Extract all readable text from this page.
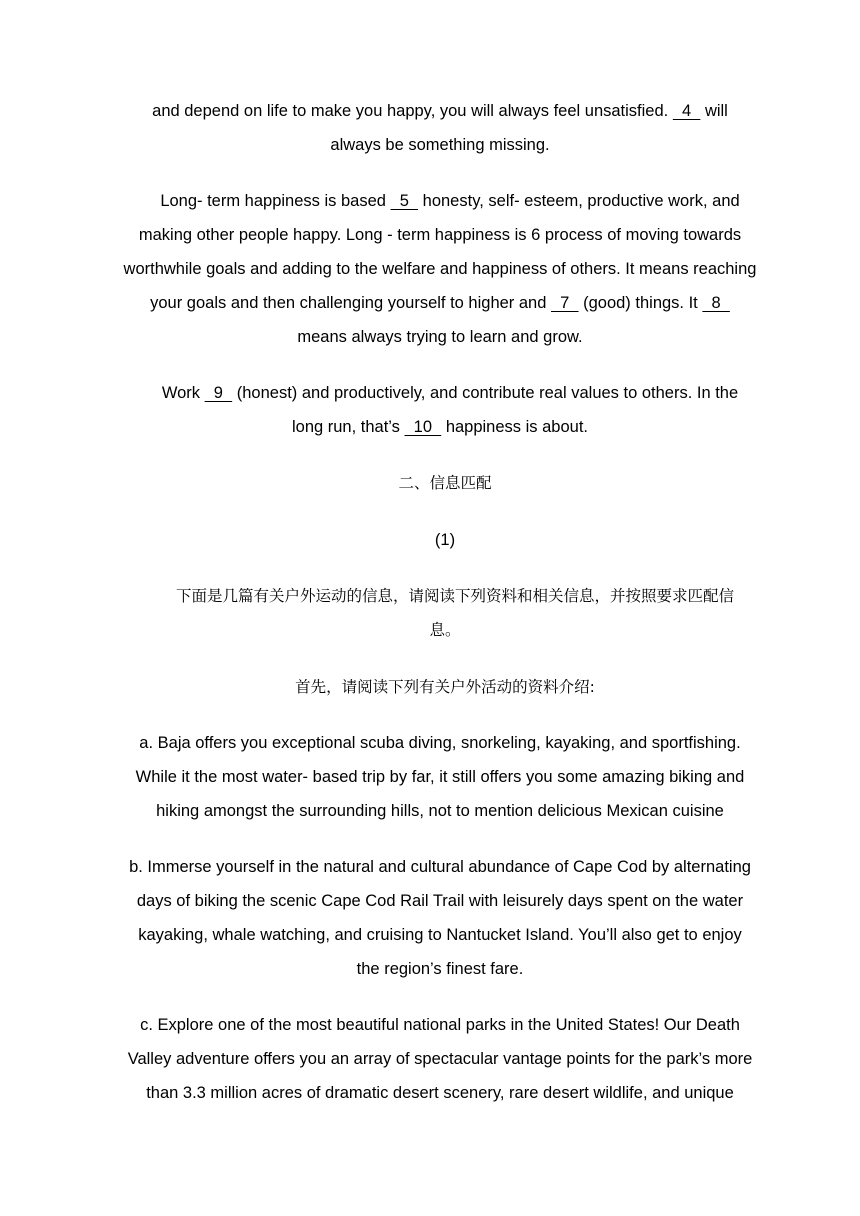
and depend on life to make you happy, you will always feel unsatisfied.   4   will
always be something missing.
Long- term happiness is based   5   honesty, self- esteem, productive work, and
making other people happy. Long - term happiness is 6 process of moving towards
worthwhile goals and adding to the welfare and happiness of others. It means reaching
your goals and then challenging yourself to higher and   7   (good) things. It   8
means always trying to learn and grow.
Work   9   (honest) and productively, and contribute real values to others. In the
long run, that’s   10   happiness is about.
二、信息匹配
(1)
下面是几篇有关户外运动的信息，请阅读下列资料和相关信息，并按照要求匹配信
息。
首先，请阅读下列有关户外活动的资料介绍:
a. Baja offers you exceptional scuba diving, snorkeling, kayaking, and sportfishing.
While it the most water- based trip by far, it still offers you some amazing biking and
hiking amongst the surrounding hills, not to mention delicious Mexican cuisine
b. Immerse yourself in the natural and cultural abundance of Cape Cod by alternating
days of biking the scenic Cape Cod Rail Trail with leisurely days spent on the water
kayaking, whale watching, and cruising to Nantucket Island. You’ll also get to enjoy
the region’s finest fare.
c. Explore one of the most beautiful national parks in the United States! Our Death
Valley adventure offers you an array of spectacular vantage points for the park’s more
than 3.3 million acres of dramatic desert scenery, rare desert wildlife, and unique
